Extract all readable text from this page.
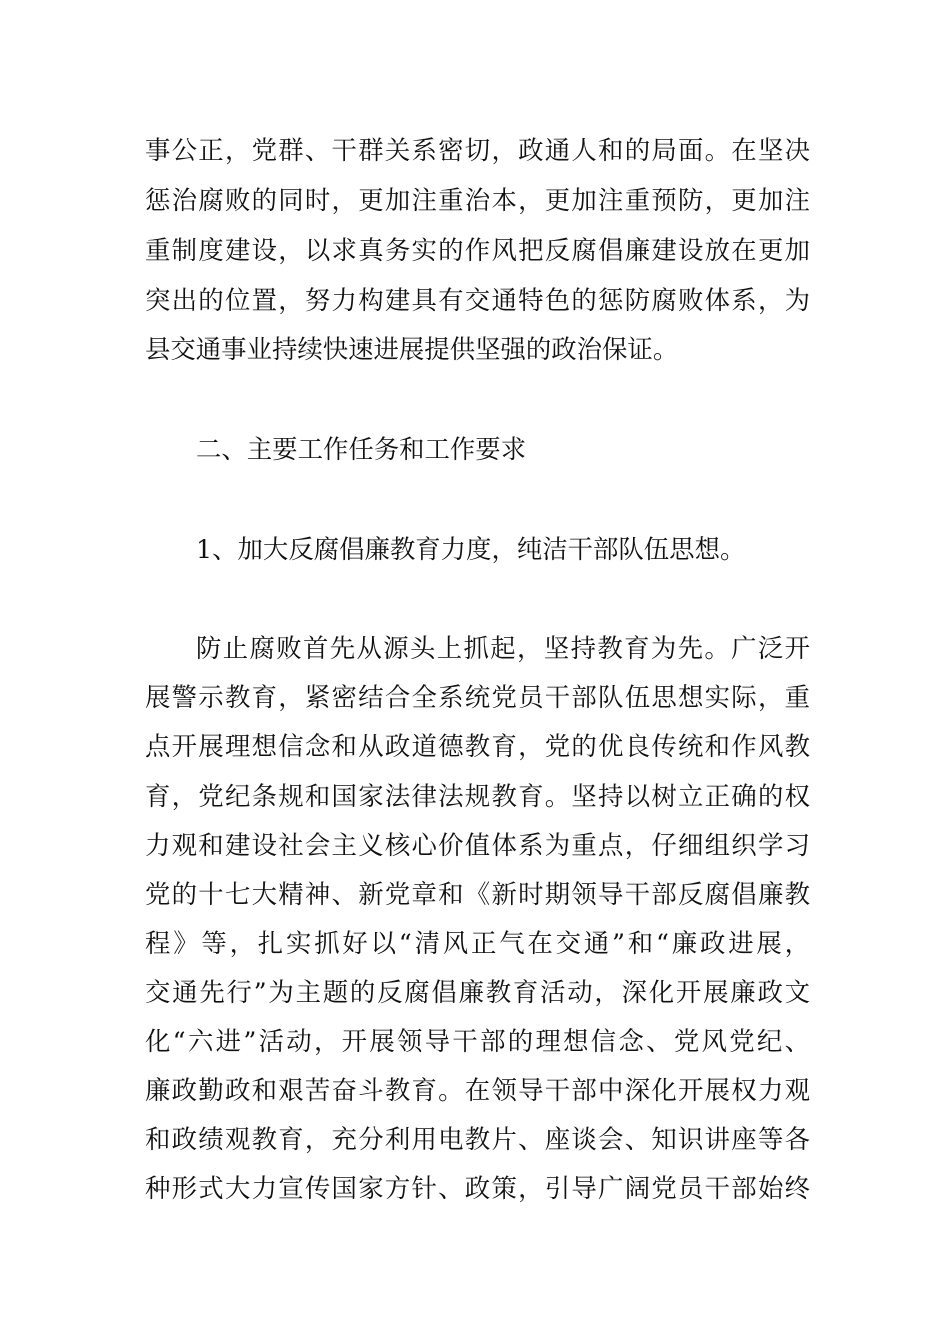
事公正，党群、干群关系密切，政通人和的局面。在坚决
惩治腐败的同时，更加注重治本，更加注重预防，更加注
重制度建设，以求真务实的作风把反腐倡廉建设放在更加
突出的位置，努力构建具有交通特色的惩防腐败体系，为
县交通事业持续快速进展提供坚强的政治保证。
二、主要工作任务和工作要求
1、加大反腐倡廉教育力度，纯洁干部队伍思想。
防止腐败首先从源头上抓起，坚持教育为先。广泛开
展警示教育，紧密结合全系统党员干部队伍思想实际，重
点开展理想信念和从政道德教育，党的优良传统和作风教
育，党纪条规和国家法律法规教育。坚持以树立正确的权
力观和建设社会主义核心价值体系为重点，仔细组织学习
党的十七大精神、新党章和《新时期领导干部反腐倡廉教
程》等，扎实抓好以“清风正气在交通”和“廉政进展，
交通先行”为主题的反腐倡廉教育活动，深化开展廉政文
化“六进”活动，开展领导干部的理想信念、党风党纪、
廉政勤政和艰苦奋斗教育。在领导干部中深化开展权力观
和政绩观教育，充分利用电教片、座谈会、知识讲座等各
种形式大力宣传国家方针、政策，引导广阔党员干部始终
